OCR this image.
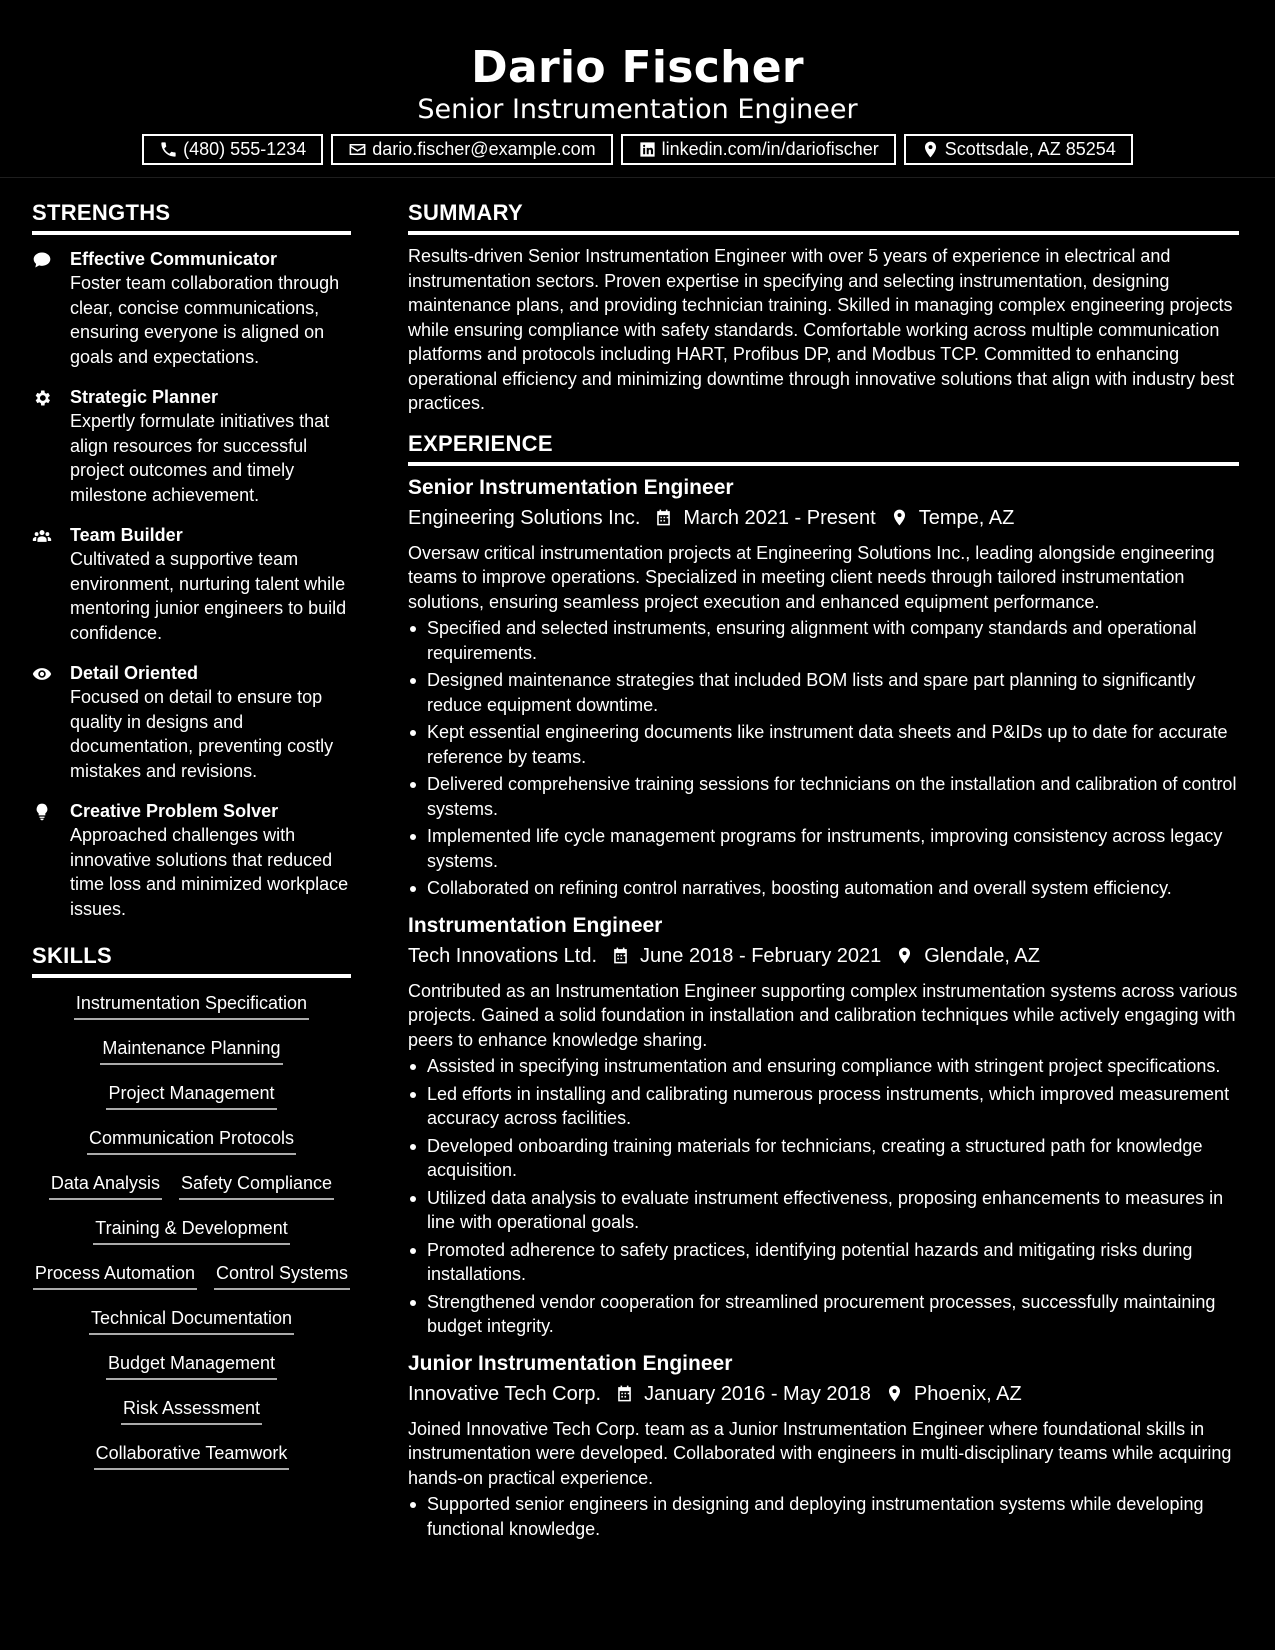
Dario Fischer
Senior Instrumentation Engineer
(480) 555-1234	dario.fischer@example.com	linkedin.com/in/dariofischer	Scottsdale, AZ 85254
STRENGTHS
Effective Communicator
Foster team collaboration through clear, concise communications, ensuring everyone is aligned on goals and expectations.
Strategic Planner
Expertly formulate initiatives that align resources for successful project outcomes and timely milestone achievement.
Team Builder
Cultivated a supportive team environment, nurturing talent while mentoring junior engineers to build confidence.
Detail Oriented
Focused on detail to ensure top quality in designs and documentation, preventing costly mistakes and revisions.
Creative Problem Solver
Approached challenges with innovative solutions that reduced time loss and minimized workplace issues.
SKILLS
Instrumentation Specification
Maintenance Planning
Project Management
Communication Protocols
Data Analysis Safety Compliance
Training & Development
Process Automation Control Systems
Technical Documentation
Budget Management
Risk Assessment
Collaborative Teamwork
SUMMARY
Results-driven Senior Instrumentation Engineer with over 5 years of experience in electrical and instrumentation sectors. Proven expertise in specifying and selecting instrumentation, designing maintenance plans, and providing technician training. Skilled in managing complex engineering projects while ensuring compliance with safety standards. Comfortable working across multiple communication platforms and protocols including HART, Profibus DP, and Modbus TCP. Committed to enhancing operational efficiency and minimizing downtime through innovative solutions that align with industry best practices.
EXPERIENCE
Senior Instrumentation Engineer
Engineering Solutions Inc. March 2021 - Present Tempe, AZ
Oversaw critical instrumentation projects at Engineering Solutions Inc., leading alongside engineering teams to improve operations. Specialized in meeting client needs through tailored instrumentation solutions, ensuring seamless project execution and enhanced equipment performance.
Specified and selected instruments, ensuring alignment with company standards and operational requirements.
Designed maintenance strategies that included BOM lists and spare part planning to significantly reduce equipment downtime.
Kept essential engineering documents like instrument data sheets and P&IDs up to date for accurate reference by teams.
Delivered comprehensive training sessions for technicians on the installation and calibration of control systems.
Implemented life cycle management programs for instruments, improving consistency across legacy systems.
Collaborated on refining control narratives, boosting automation and overall system efficiency.
Instrumentation Engineer
Tech Innovations Ltd. June 2018 - February 2021 Glendale, AZ
Contributed as an Instrumentation Engineer supporting complex instrumentation systems across various projects. Gained a solid foundation in installation and calibration techniques while actively engaging with peers to enhance knowledge sharing.
Assisted in specifying instrumentation and ensuring compliance with stringent project specifications.
Led efforts in installing and calibrating numerous process instruments, which improved measurement accuracy across facilities.
Developed onboarding training materials for technicians, creating a structured path for knowledge acquisition.
Utilized data analysis to evaluate instrument effectiveness, proposing enhancements to measures in line with operational goals.
Promoted adherence to safety practices, identifying potential hazards and mitigating risks during installations.
Strengthened vendor cooperation for streamlined procurement processes, successfully maintaining budget integrity.
Junior Instrumentation Engineer
Innovative Tech Corp. January 2016 - May 2018 Phoenix, AZ
Joined Innovative Tech Corp. team as a Junior Instrumentation Engineer where foundational skills in instrumentation were developed. Collaborated with engineers in multi-disciplinary teams while acquiring hands-on practical experience.
Supported senior engineers in designing and deploying instrumentation systems while developing functional knowledge.
